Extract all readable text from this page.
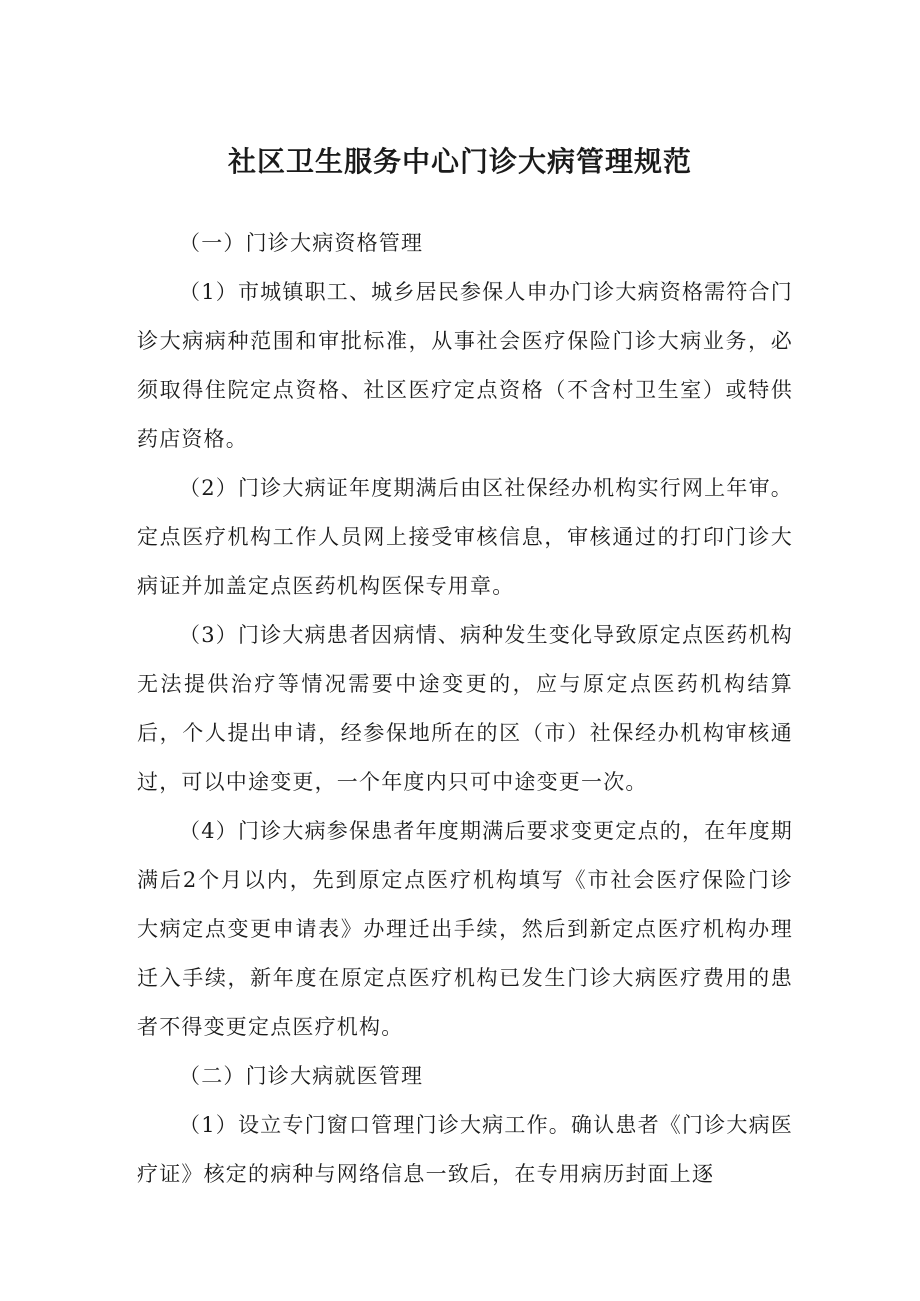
社区卫生服务中心门诊大病管理规范

（一）门诊大病资格管理

（1）市城镇职工、城乡居民参保人申办门诊大病资格需符合门诊大病病种范围和审批标准，从事社会医疗保险门诊大病业务，必须取得住院定点资格、社区医疗定点资格（不含村卫生室）或特供药店资格。

（2）门诊大病证年度期满后由区社保经办机构实行网上年审。定点医疗机构工作人员网上接受审核信息，审核通过的打印门诊大病证并加盖定点医药机构医保专用章。

（3）门诊大病患者因病情、病种发生变化导致原定点医药机构无法提供治疗等情况需要中途变更的，应与原定点医药机构结算后，个人提出申请，经参保地所在的区（市）社保经办机构审核通过，可以中途变更，一个年度内只可中途变更一次。

（4）门诊大病参保患者年度期满后要求变更定点的，在年度期满后2个月以内，先到原定点医疗机构填写《市社会医疗保险门诊大病定点变更申请表》办理迁出手续，然后到新定点医疗机构办理迁入手续，新年度在原定点医疗机构已发生门诊大病医疗费用的患者不得变更定点医疗机构。

（二）门诊大病就医管理

（1）设立专门窗口管理门诊大病工作。确认患者《门诊大病医疗证》核定的病种与网络信息一致后，在专用病历封面上逐
